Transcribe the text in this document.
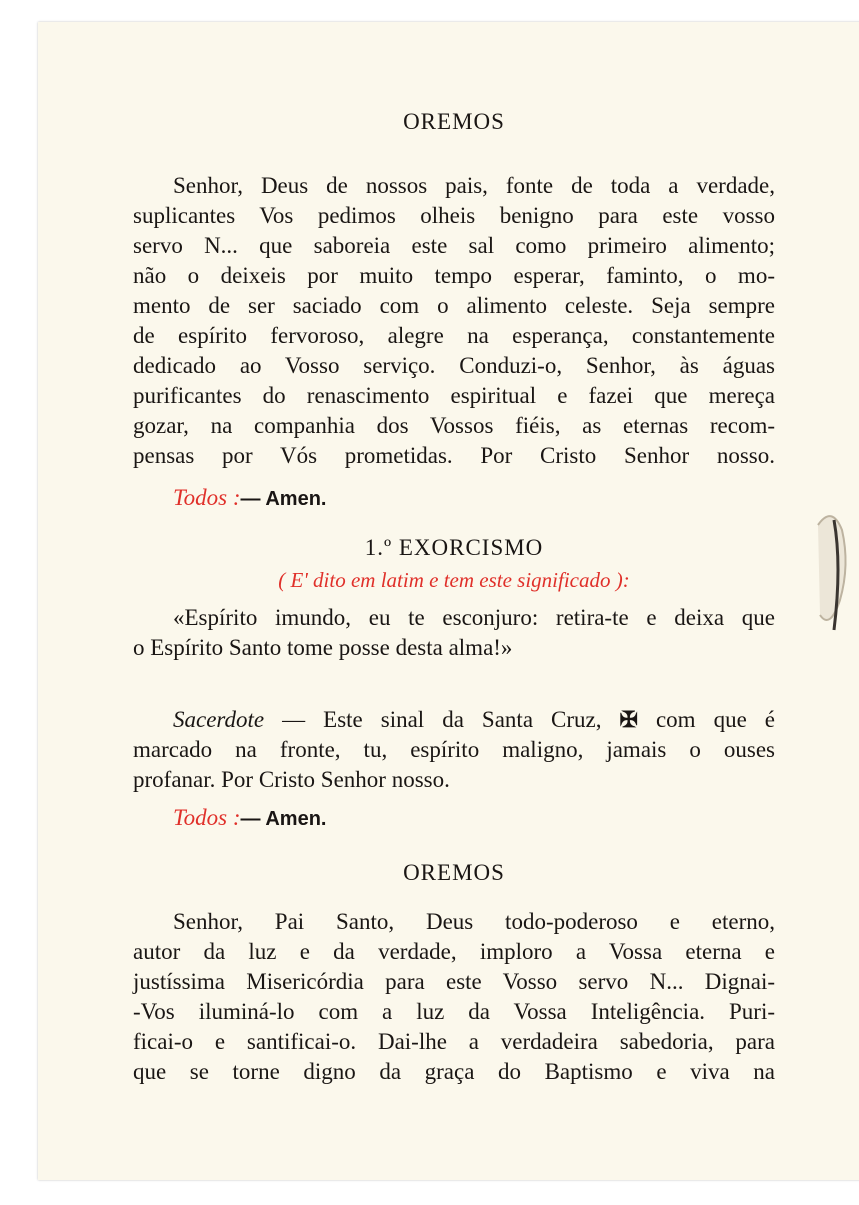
OREMOS
Senhor, Deus de nossos pais, fonte de toda a verdade,
suplicantes Vos pedimos olheis benigno para este vosso
servo N... que saboreia este sal como primeiro alimento;
não o deixeis por muito tempo esperar, faminto, o mo-
mento de ser saciado com o alimento celeste. Seja sempre
de espírito fervoroso, alegre na esperança, constantemente
dedicado ao Vosso serviço. Conduzi-o, Senhor, às águas
purificantes do renascimento espiritual e fazei que mereça
gozar, na companhia dos Vossos fiéis, as eternas recom-
pensas por Vós prometidas. Por Cristo Senhor nosso.
Todos :— Amen.
1.º EXORCISMO
( E' dito em latim e tem este significado ):
«Espírito imundo, eu te esconjuro: retira-te e deixa que
o Espírito Santo tome posse desta alma!»
Sacerdote — Este sinal da Santa Cruz, ✠ com que é
marcado na fronte, tu, espírito maligno, jamais o ouses
profanar. Por Cristo Senhor nosso.
Todos :— Amen.
OREMOS
Senhor, Pai Santo, Deus todo-poderoso e eterno,
autor da luz e da verdade, imploro a Vossa eterna e
justíssima Misericórdia para este Vosso servo N... Dignai-
-Vos iluminá-lo com a luz da Vossa Inteligência. Puri-
ficai-o e santificai-o. Dai-lhe a verdadeira sabedoria, para
que se torne digno da graça do Baptismo e viva na
